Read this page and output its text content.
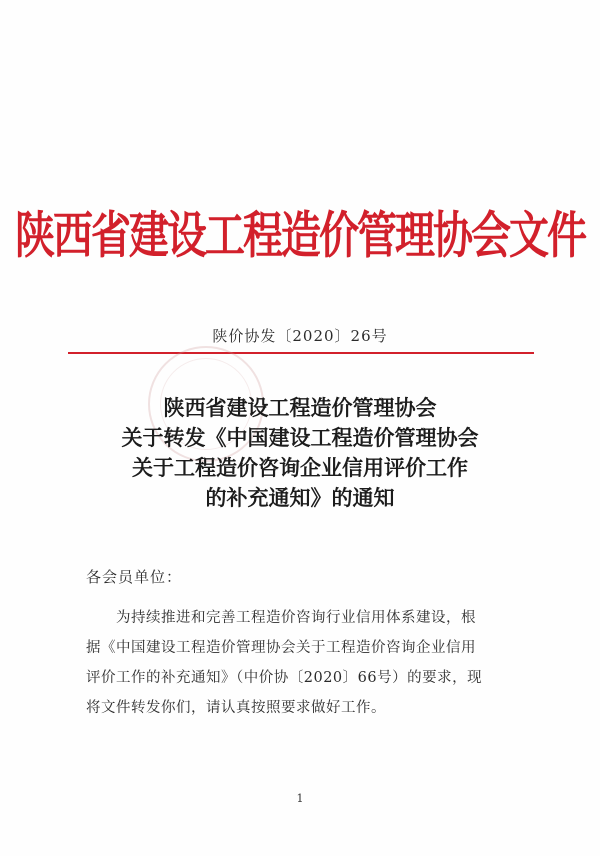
陕西省建设工程造价管理协会文件
陕价协发〔2020〕26号
陕西省建设工程造价管理协会
关于转发《中国建设工程造价管理协会
关于工程造价咨询企业信用评价工作
的补充通知》的通知
各会员单位：
为持续推进和完善工程造价咨询行业信用体系建设，根
据《中国建设工程造价管理协会关于工程造价咨询企业信用
评价工作的补充通知》（中价协〔2020〕66号）的要求，现
将文件转发你们，请认真按照要求做好工作。
1
